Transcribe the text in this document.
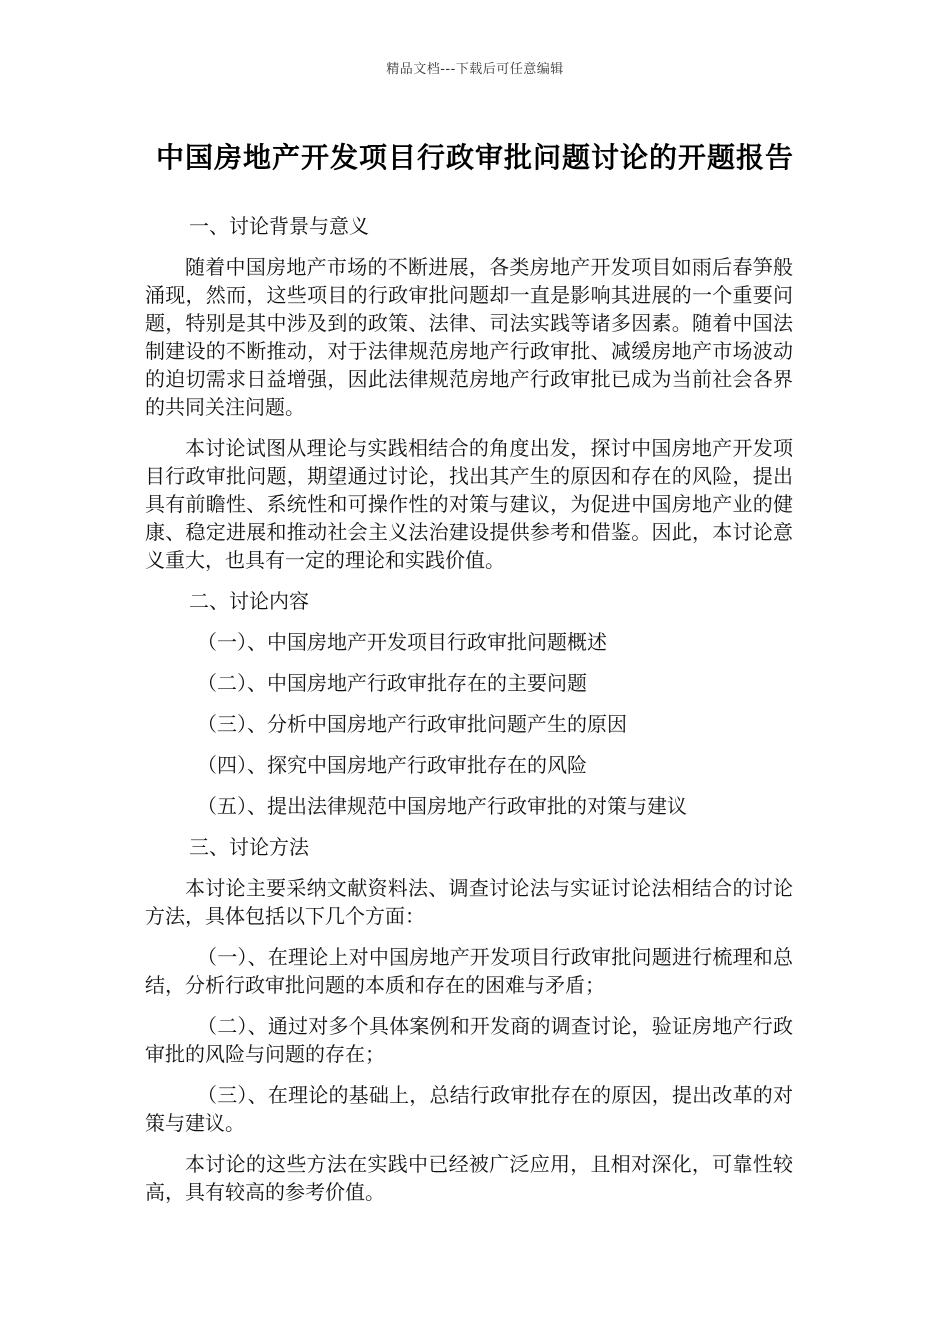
精品文档---下载后可任意编辑
中国房地产开发项目行政审批问题讨论的开题报告
一、讨论背景与意义
随着中国房地产市场的不断进展，各类房地产开发项目如雨后春笋般涌现，然而，这些项目的行政审批问题却一直是影响其进展的一个重要问题，特别是其中涉及到的政策、法律、司法实践等诸多因素。随着中国法制建设的不断推动，对于法律规范房地产行政审批、减缓房地产市场波动的迫切需求日益增强，因此法律规范房地产行政审批已成为当前社会各界的共同关注问题。
本讨论试图从理论与实践相结合的角度出发，探讨中国房地产开发项目行政审批问题，期望通过讨论，找出其产生的原因和存在的风险，提出具有前瞻性、系统性和可操作性的对策与建议，为促进中国房地产业的健康、稳定进展和推动社会主义法治建设提供参考和借鉴。因此，本讨论意义重大，也具有一定的理论和实践价值。
二、讨论内容
（一）、中国房地产开发项目行政审批问题概述
（二）、中国房地产行政审批存在的主要问题
（三）、分析中国房地产行政审批问题产生的原因
（四）、探究中国房地产行政审批存在的风险
（五）、提出法律规范中国房地产行政审批的对策与建议
三、讨论方法
本讨论主要采纳文献资料法、调查讨论法与实证讨论法相结合的讨论方法，具体包括以下几个方面：
（一）、在理论上对中国房地产开发项目行政审批问题进行梳理和总结，分析行政审批问题的本质和存在的困难与矛盾；
（二）、通过对多个具体案例和开发商的调查讨论，验证房地产行政审批的风险与问题的存在；
（三）、在理论的基础上，总结行政审批存在的原因，提出改革的对策与建议。
本讨论的这些方法在实践中已经被广泛应用，且相对深化，可靠性较高，具有较高的参考价值。
